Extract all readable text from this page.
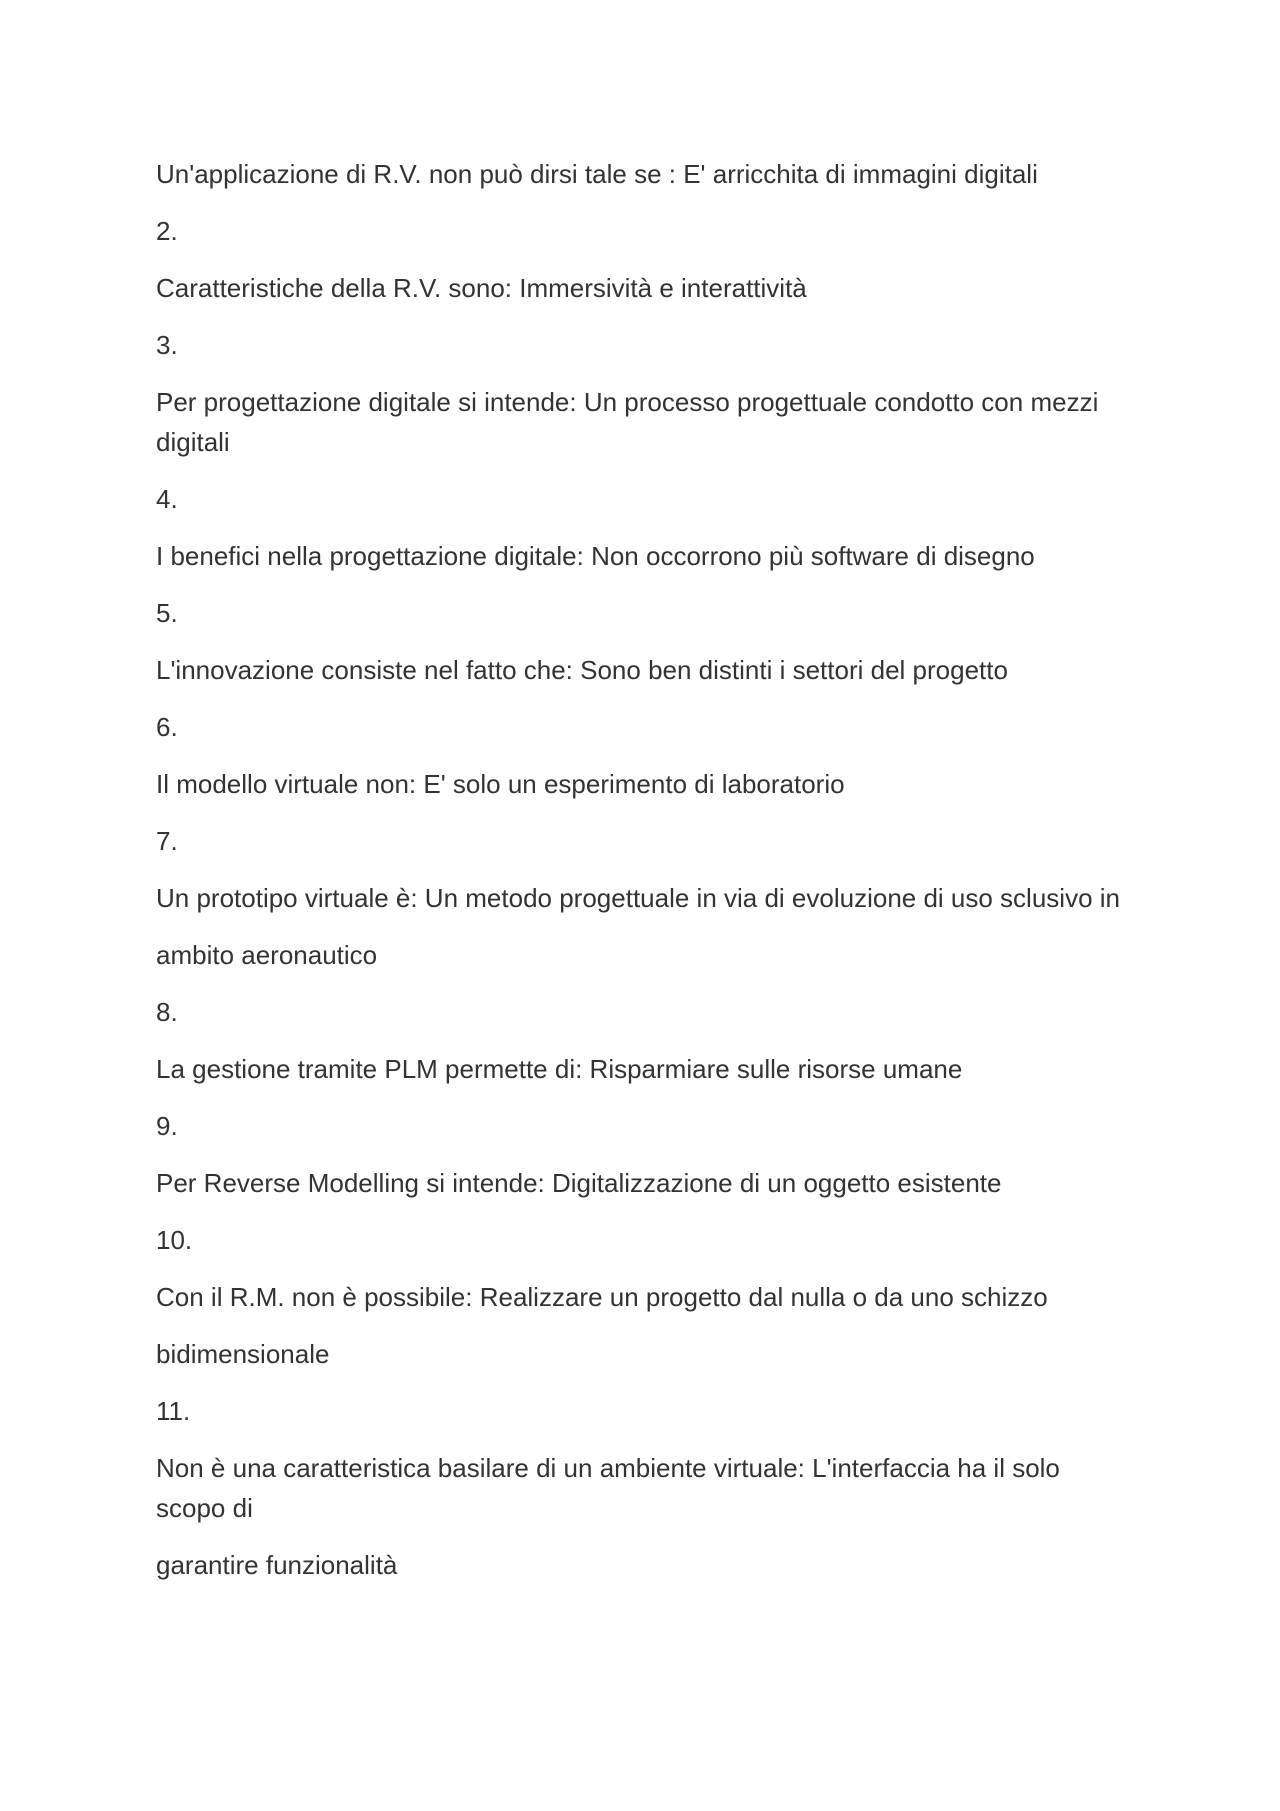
Un'applicazione di R.V. non può dirsi tale se : E' arricchita di immagini digitali

2.

Caratteristiche della R.V. sono: Immersività e interattività

3.

Per progettazione digitale si intende: Un processo progettuale condotto con mezzi digitali

4.

I benefici nella progettazione digitale: Non occorrono più software di disegno

5.

L'innovazione consiste nel fatto che: Sono ben distinti i settori del progetto

6.

Il modello virtuale non: E' solo un esperimento di laboratorio

7.

Un prototipo virtuale è: Un metodo progettuale in via di evoluzione di uso sclusivo in

ambito aeronautico

8.

La gestione tramite PLM permette di: Risparmiare sulle risorse umane

9.

Per Reverse Modelling si intende: Digitalizzazione di un oggetto esistente

10.

Con il R.M. non è possibile: Realizzare un progetto dal nulla o da uno schizzo

bidimensionale

11.

Non è una caratteristica basilare di un ambiente virtuale: L'interfaccia ha il solo scopo di

garantire funzionalità
